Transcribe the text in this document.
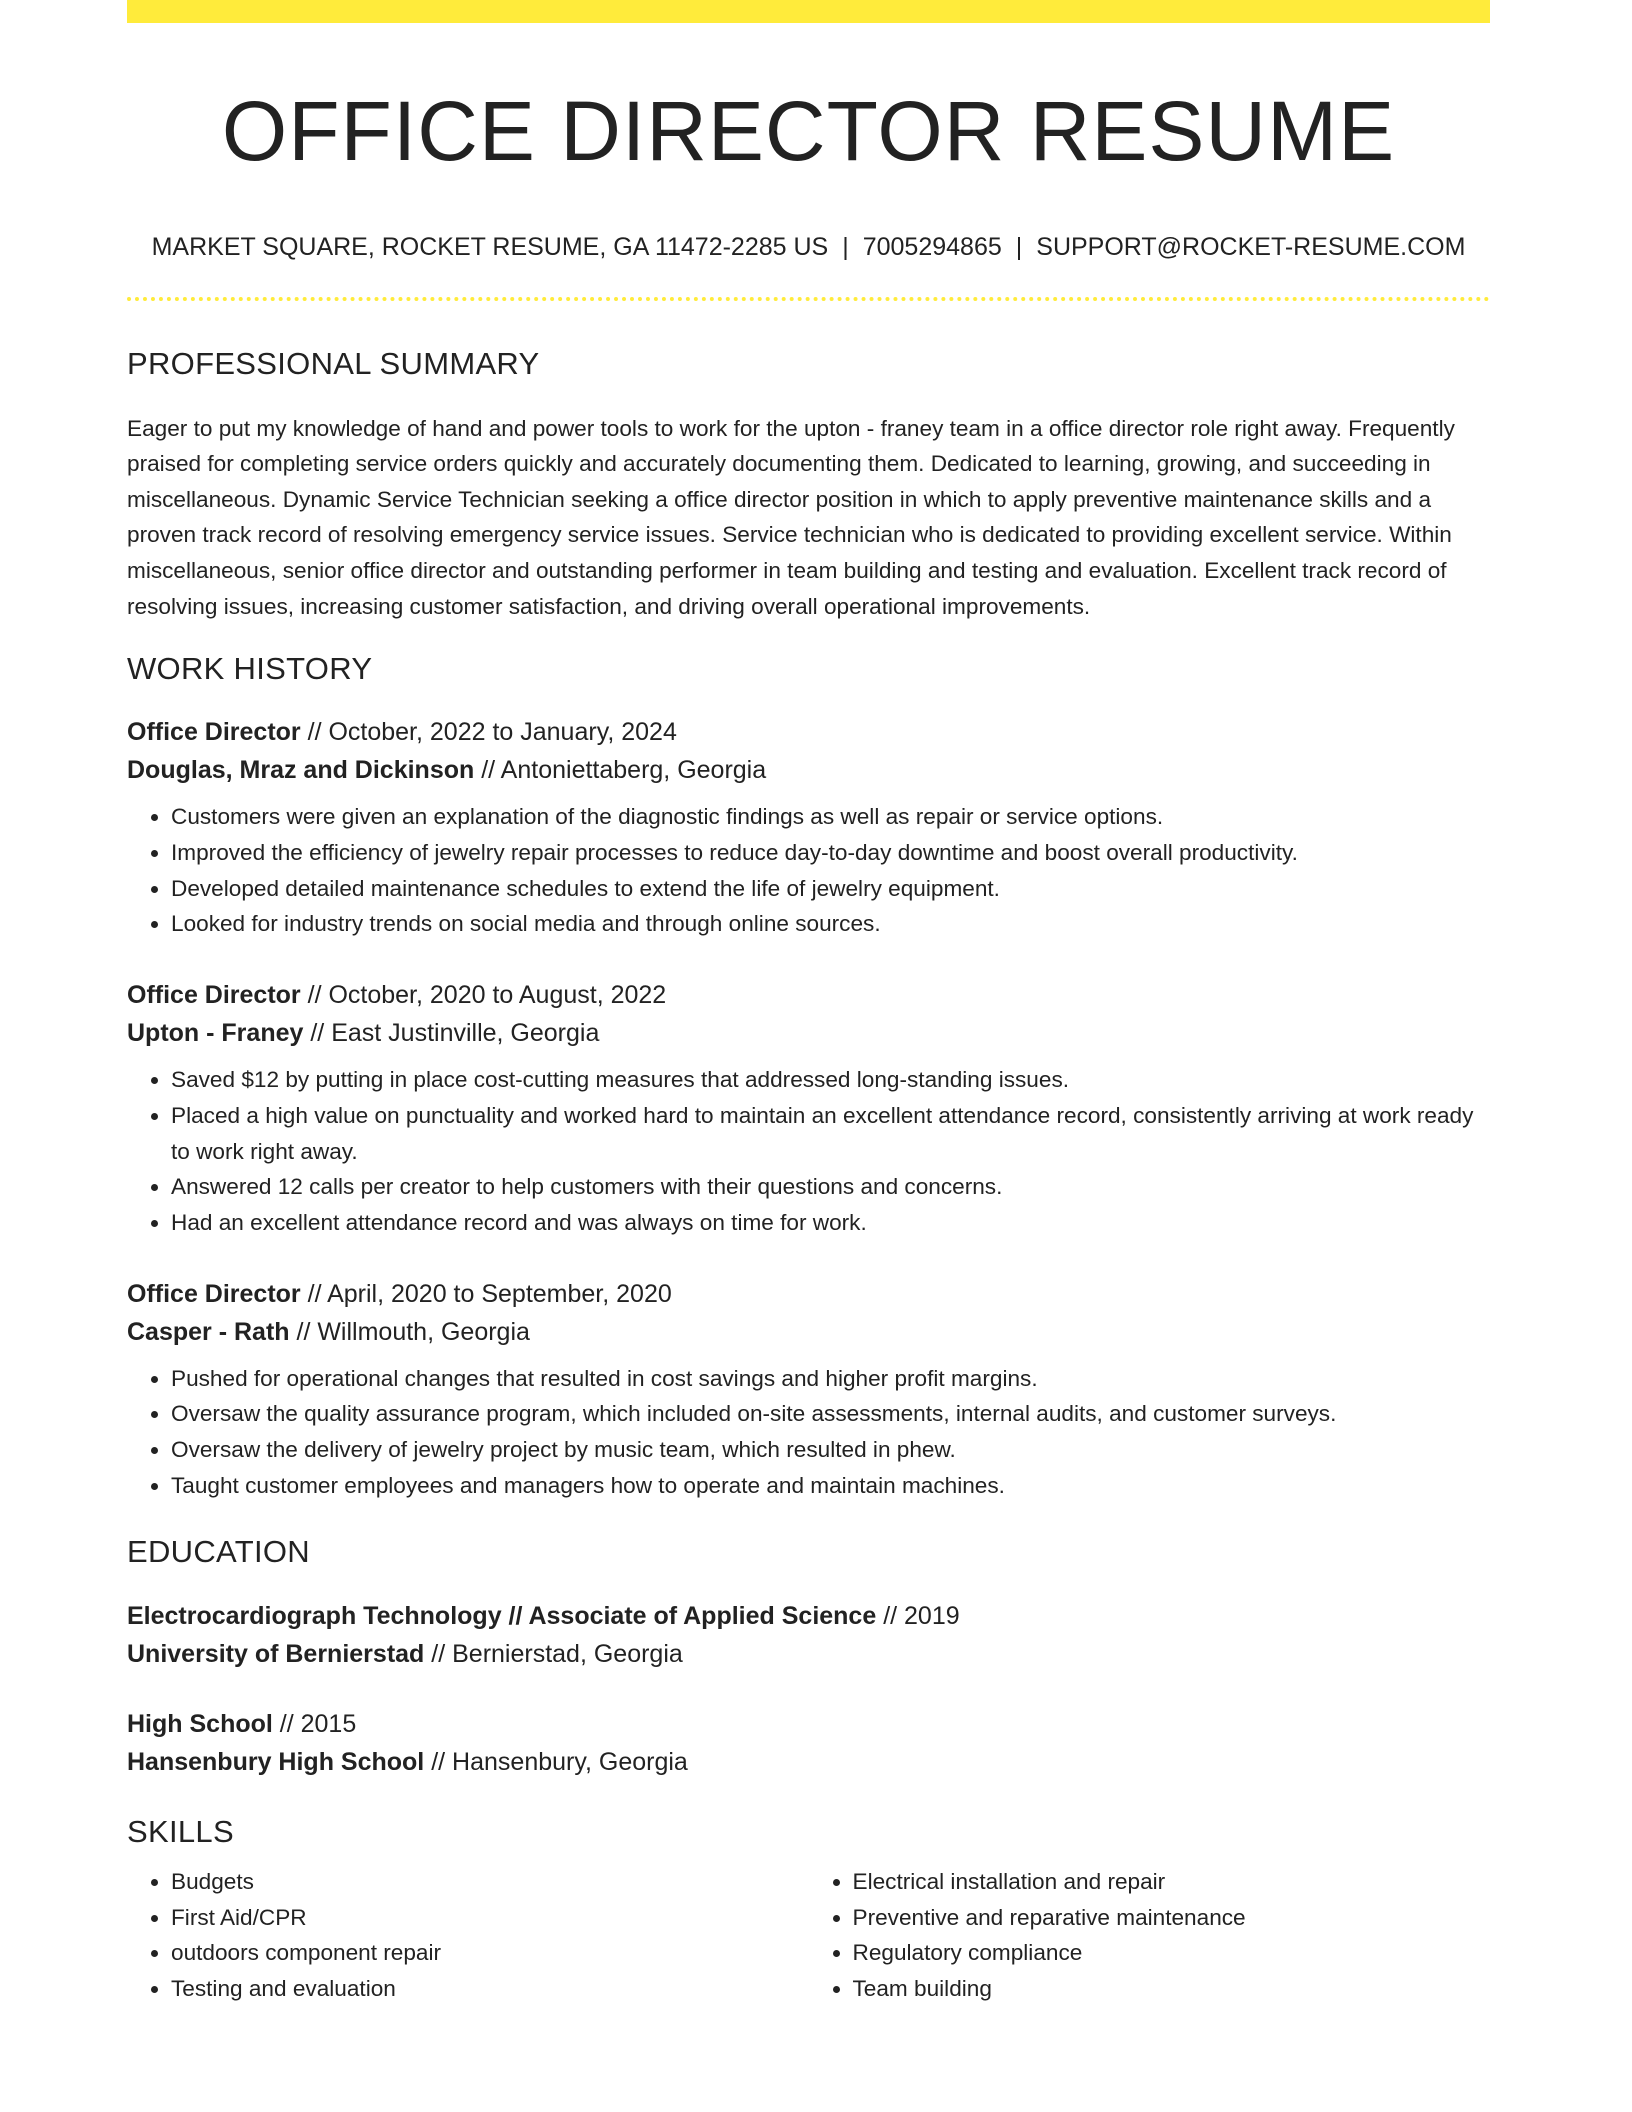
OFFICE DIRECTOR RESUME
MARKET SQUARE, ROCKET RESUME, GA 11472-2285 US | 7005294865 | SUPPORT@ROCKET-RESUME.COM
PROFESSIONAL SUMMARY

Eager to put my knowledge of hand and power tools to work for the upton - franey team in a office director role right away. Frequently praised for completing service orders quickly and accurately documenting them. Dedicated to learning, growing, and succeeding in miscellaneous. Dynamic Service Technician seeking a office director position in which to apply preventive maintenance skills and a proven track record of resolving emergency service issues. Service technician who is dedicated to providing excellent service. Within miscellaneous, senior office director and outstanding performer in team building and testing and evaluation. Excellent track record of resolving issues, increasing customer satisfaction, and driving overall operational improvements.

WORK HISTORY
Office Director // October, 2022 to January, 2024
Douglas, Mraz and Dickinson // Antoniettaberg, Georgia
• Customers were given an explanation of the diagnostic findings as well as repair or service options.
• Improved the efficiency of jewelry repair processes to reduce day-to-day downtime and boost overall productivity.
• Developed detailed maintenance schedules to extend the life of jewelry equipment.
• Looked for industry trends on social media and through online sources.
Office Director // October, 2020 to August, 2022
Upton - Franey // East Justinville, Georgia
• Saved $12 by putting in place cost-cutting measures that addressed long-standing issues.
• Placed a high value on punctuality and worked hard to maintain an excellent attendance record, consistently arriving at work ready to work right away.
• Answered 12 calls per creator to help customers with their questions and concerns.
• Had an excellent attendance record and was always on time for work.
Office Director // April, 2020 to September, 2020
Casper - Rath // Willmouth, Georgia
• Pushed for operational changes that resulted in cost savings and higher profit margins.
• Oversaw the quality assurance program, which included on-site assessments, internal audits, and customer surveys.
• Oversaw the delivery of jewelry project by music team, which resulted in phew.
• Taught customer employees and managers how to operate and maintain machines.
EDUCATION
Electrocardiograph Technology // Associate of Applied Science // 2019
University of Bernierstad // Bernierstad, Georgia
High School // 2015
Hansenbury High School // Hansenbury, Georgia
SKILLS
• Budgets
• First Aid/CPR
• outdoors component repair
• Testing and evaluation
• Electrical installation and repair
• Preventive and reparative maintenance
• Regulatory compliance
• Team building
